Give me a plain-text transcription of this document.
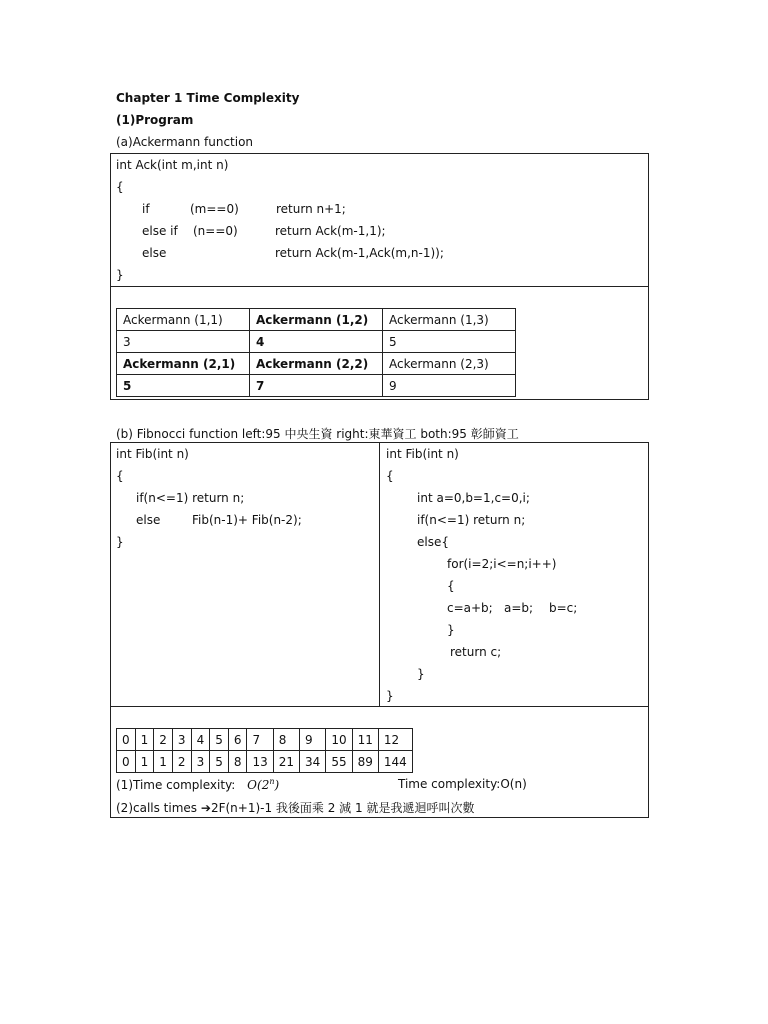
Chapter 1 Time Complexity
(1)Program
(a)Ackermann function
int Ack(int m,int n)
{
if	(m==0)	return n+1;
else if (n==0)	return Ack(m-1,1);
else	return Ack(m-1,Ack(m,n-1));
}
Ackermann (1,1)	Ackermann (1,2)	Ackermann (1,3)
3	4	5
Ackermann (2,1)	Ackermann (2,2)	Ackermann (2,3)
5	7	9
(b) Fibnocci function left:95 中央生資 right:東華資工 both:95 彰師資工
int Fib(int n)
{
if(n<=1) return n;
else	Fib(n-1)+ Fib(n-2);
}
int Fib(int n)
{
int a=0,b=1,c=0,i;
if(n<=1) return n;
else{
for(i=2;i<=n;i++)
{
c=a+b; a=b; b=c;
}
return c;
}
}
0	1	2	3	4	5	6	7	8	9	10	11	12
0	1	1	2	3	5	8	13	21	34	55	89	144
(1)Time complexity: O(2$^n$)	Time complexity:O(n)
(2)calls times ➔2F(n+1)-1 我後面乘 2 減 1 就是我遞迴呼叫次數
